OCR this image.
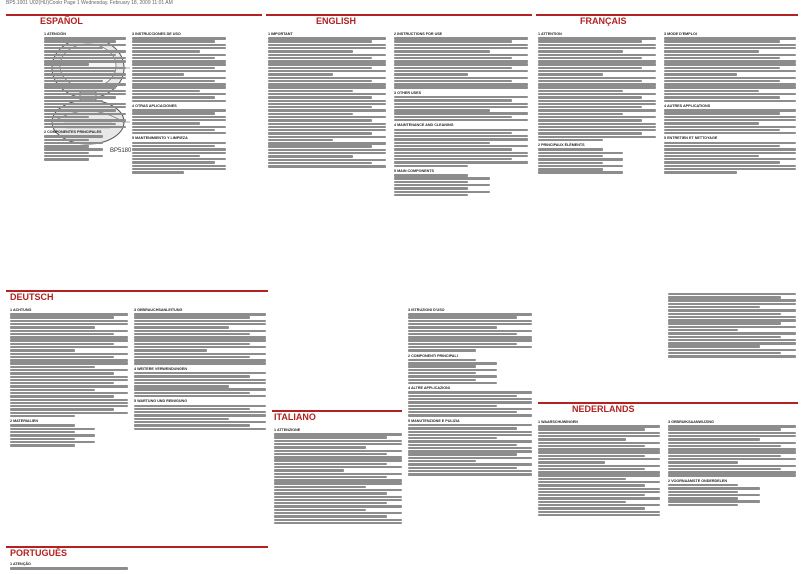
BP5.1001 Ü02(HU)Cookr Page 1 Wednesday, February 18, 2009 11:01 AM
BP5180
ESPAÑOL
1 ATENCIÓN
2 COMPONENTES PRINCIPALES
3 INSTRUCCIONES DE USO
4 OTRAS APLICACIONES
5 MANTENIMIENTO Y LIMPIEZA
ENGLISH
1 IMPORTANT	2 INSTRUCTIONS FOR USE
3 OTHER USES
4 MAINTENANCE AND CLEANING
5 MAIN COMPONENTS
FRANÇAIS
1 ATTENTION
2 PRINCIPAUX ÉLÉMENTS
3 MODE D'EMPLOI
4 AUTRES APPLICATIONS
5 ENTRETIEN ET NETTOYAGE
DEUTSCH
1 ACHTUNG
2 MATERIALIEN
3 GEBRAUCHSANLEITUNG
4 WEITERE VERWENDUNGEN
5 WARTUNG UND REINIGUNG
PORTUGUÊS
1 ATENÇÃO
ITALIANO
1 ATTENZIONE
3 ISTRUZIONI D'USO
2 COMPONENTI PRINCIPALI
4 ALTRE APPLICAZIONI
5 MANUTENZIONE E PULIZIA
NEDERLANDS
1 WAARSCHUWINGEN	3 GEBRUIKSAANWIJZING
2 VOORNAAMSTE ONDERDELEN
